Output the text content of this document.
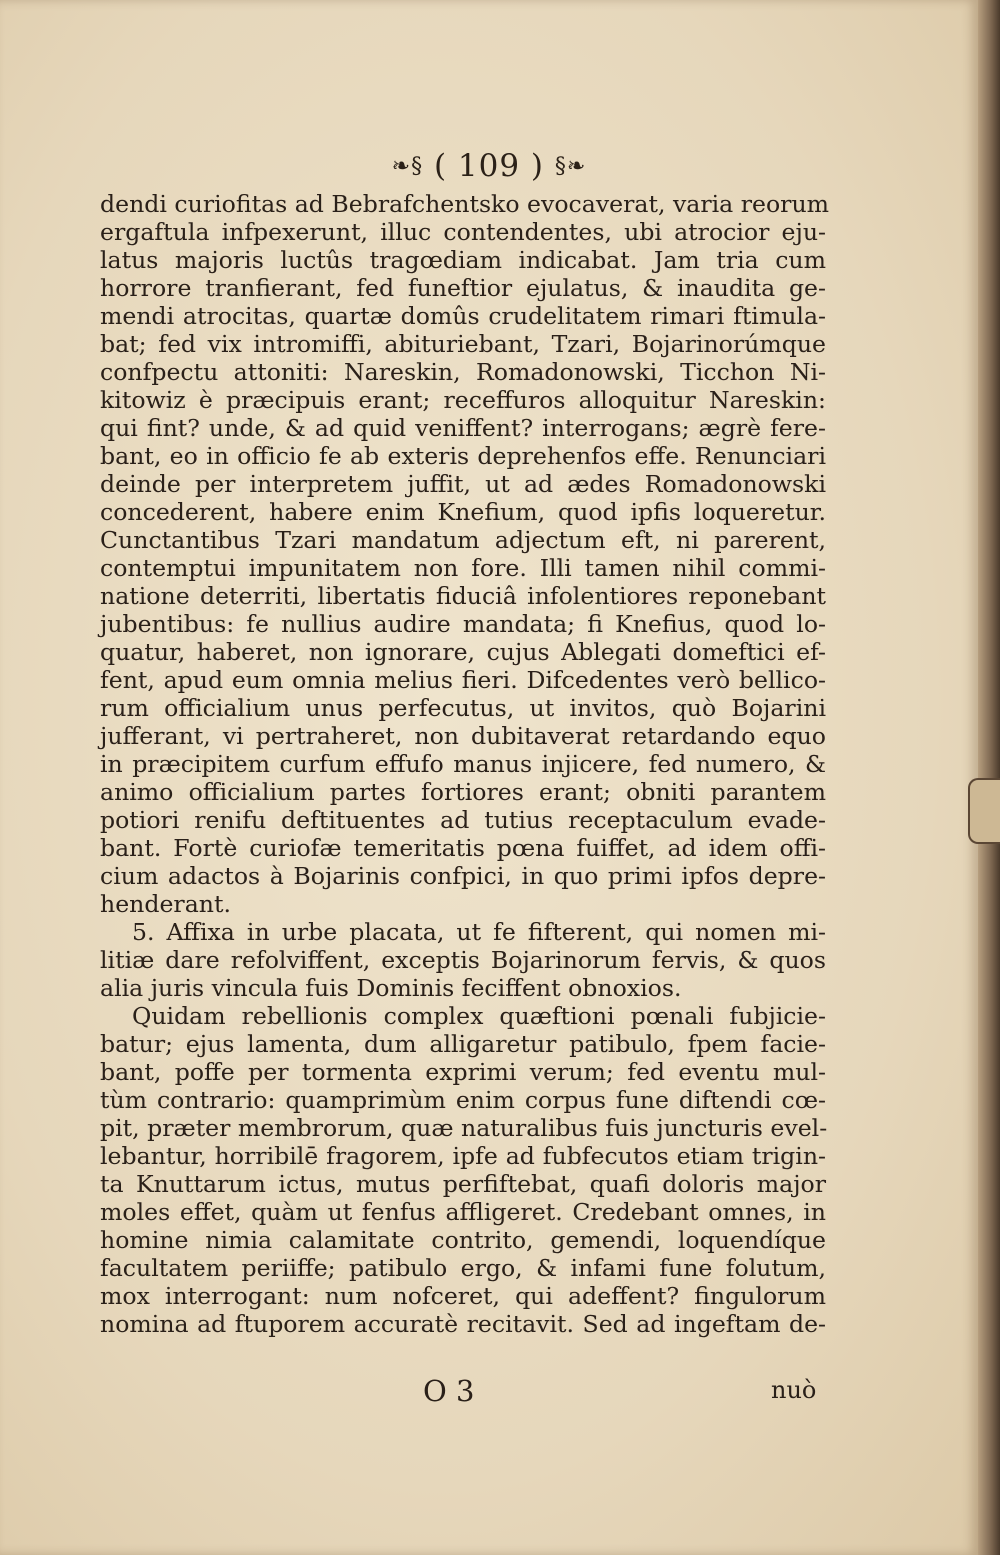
❧§ ( 109 ) §❧
dendi curiofitas ad Bebrafchentsko evocaverat, varia reorum
ergaftula infpexerunt, illuc contendentes, ubi atrocior eju-
latus majoris luctûs tragœdiam indicabat. Jam tria cum
horrore tranfierant, fed funeftior ejulatus, & inaudita ge-
mendi atrocitas, quartæ domûs crudelitatem rimari ftimula-
bat; fed vix intromiffi, abituriebant, Tzari, Bojarinorúmque
confpectu attoniti: Nareskin, Romadonowski, Ticchon Ni-
kitowiz è præcipuis erant; receffuros alloquitur Nareskin:
qui fint? unde, & ad quid veniffent? interrogans; ægrè fere-
bant, eo in officio fe ab exteris deprehenfos effe. Renunciari
deinde per interpretem juffit, ut ad ædes Romadonowski
concederent, habere enim Knefium, quod ipfis loqueretur.
Cunctantibus Tzari mandatum adjectum eft, ni parerent,
contemptui impunitatem non fore. Illi tamen nihil commi-
natione deterriti, libertatis fiduciâ infolentiores reponebant
jubentibus: fe nullius audire mandata; fi Knefius, quod lo-
quatur, haberet, non ignorare, cujus Ablegati domeftici ef-
fent, apud eum omnia melius fieri. Difcedentes verò bellico-
rum officialium unus perfecutus, ut invitos, quò Bojarini
jufferant, vi pertraheret, non dubitaverat retardando equo
in præcipitem curfum effufo manus injicere, fed numero, &
animo officialium partes fortiores erant; obniti parantem
potiori renifu deftituentes ad tutius receptaculum evade-
bant. Fortè curiofæ temeritatis pœna fuiffet, ad idem offi-
cium adactos à Bojarinis confpici, in quo primi ipfos depre-
henderant.
5. Affixa in urbe placata, ut fe fifterent, qui nomen mi-
litiæ dare refolviffent, exceptis Bojarinorum fervis, & quos
alia juris vincula fuis Dominis feciffent obnoxios.
Quidam rebellionis complex quæftioni pœnali fubjicie-
batur; ejus lamenta, dum alligaretur patibulo, fpem facie-
bant, poffe per tormenta exprimi verum; fed eventu mul-
tùm contrario: quamprimùm enim corpus fune diftendi cœ-
pit, præter membrorum, quæ naturalibus fuis juncturis evel-
lebantur, horribilē fragorem, ipfe ad fubfecutos etiam trigin-
ta Knuttarum ictus, mutus perfiftebat, quafi doloris major
moles effet, quàm ut fenfus affligeret. Credebant omnes, in
homine nimia calamitate contrito, gemendi, loquendíque
facultatem periiffe; patibulo ergo, & infami fune folutum,
mox interrogant: num nofceret, qui adeffent? fingulorum
nomina ad ftuporem accuratè recitavit. Sed ad ingeftam de-
O 3	nuò
